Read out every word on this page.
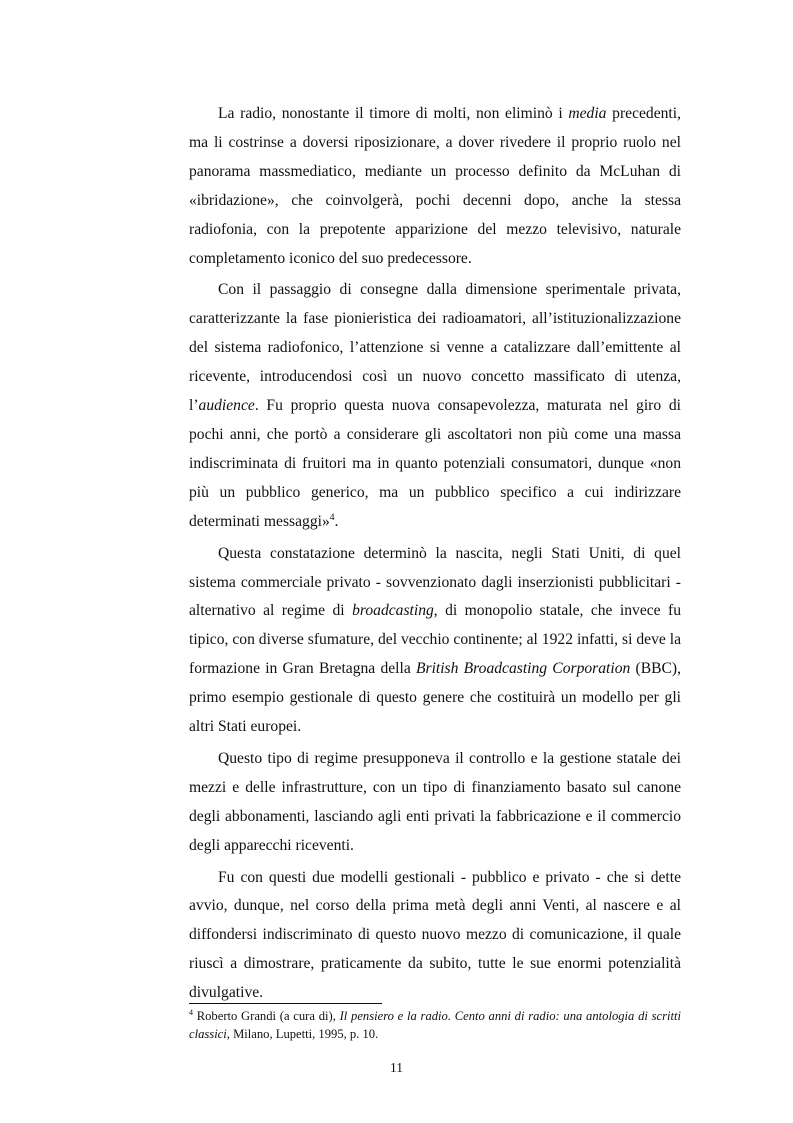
La radio, nonostante il timore di molti, non eliminò i media precedenti, ma li costrinse a doversi riposizionare, a dover rivedere il proprio ruolo nel panorama massmediatico, mediante un processo definito da McLuhan di «ibridazione», che coinvolgerà, pochi decenni dopo, anche la stessa radiofonia, con la prepotente apparizione del mezzo televisivo, naturale completamento iconico del suo predecessore.

Con il passaggio di consegne dalla dimensione sperimentale privata, caratterizzante la fase pionieristica dei radioamatori, all’istituzionalizzazione del sistema radiofonico, l’attenzione si venne a catalizzare dall’emittente al ricevente, introducendosi così un nuovo concetto massificato di utenza, l’audience. Fu proprio questa nuova consapevolezza, maturata nel giro di pochi anni, che portò a considerare gli ascoltatori non più come una massa indiscriminata di fruitori ma in quanto potenziali consumatori, dunque «non più un pubblico generico, ma un pubblico specifico a cui indirizzare determinati messaggi»$^4$.

Questa constatazione determinò la nascita, negli Stati Uniti, di quel sistema commerciale privato - sovvenzionato dagli inserzionisti pubblicitari - alternativo al regime di broadcasting, di monopolio statale, che invece fu tipico, con diverse sfumature, del vecchio continente; al 1922 infatti, si deve la formazione in Gran Bretagna della British Broadcasting Corporation (BBC), primo esempio gestionale di questo genere che costituirà un modello per gli altri Stati europei.

Questo tipo di regime presupponeva il controllo e la gestione statale dei mezzi e delle infrastrutture, con un tipo di finanziamento basato sul canone degli abbonamenti, lasciando agli enti privati la fabbricazione e il commercio degli apparecchi riceventi.

Fu con questi due modelli gestionali - pubblico e privato - che si dette avvio, dunque, nel corso della prima metà degli anni Venti, al nascere e al diffondersi indiscriminato di questo nuovo mezzo di comunicazione, il quale riuscì a dimostrare, praticamente da subito, tutte le sue enormi potenzialità divulgative.

$^4$ Roberto Grandi (a cura di), Il pensiero e la radio. Cento anni di radio: una antologia di scritti classici, Milano, Lupetti, 1995, p. 10.
11
